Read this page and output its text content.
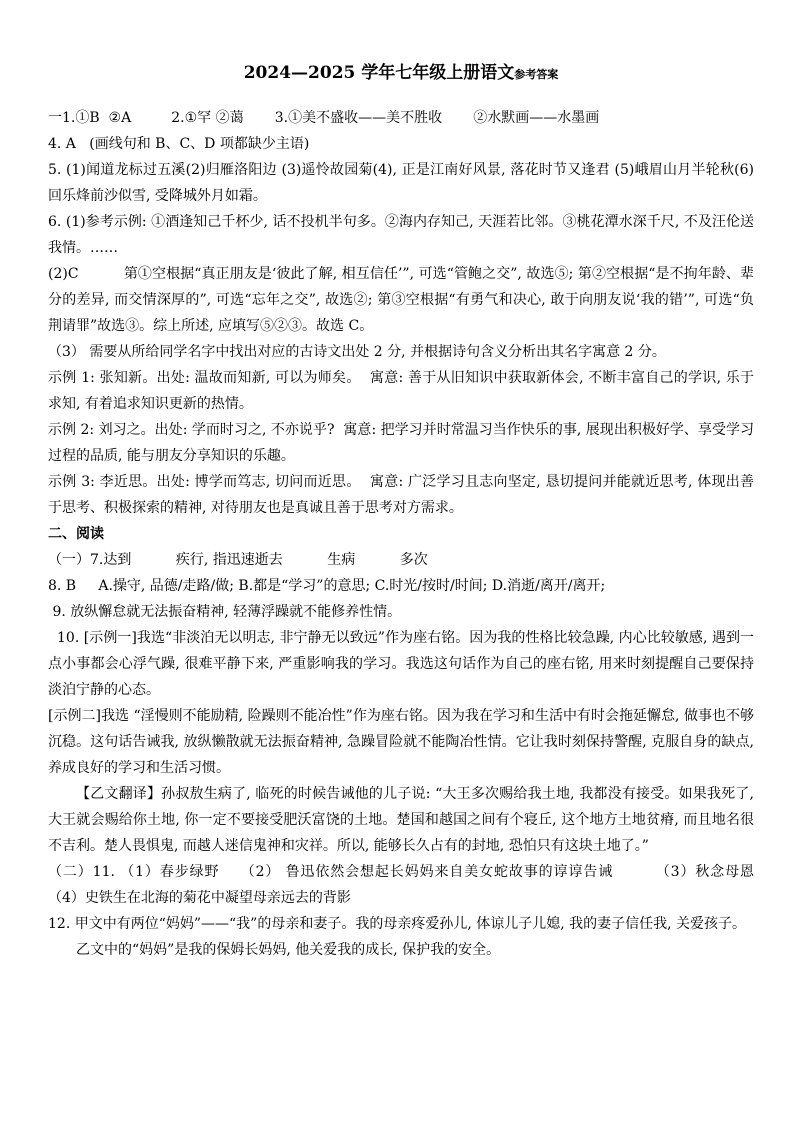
2024—2025 学年七年级上册语文参考答案

一1.①B  ②A         2.①罕 ②蔼       3.①美不盛收——美不胜收       ②水默画——水墨画

4. A   (画线句和 B、C、D 项都缺少主语)

5. (1)闻道龙标过五溪(2)归雁洛阳边 (3)遥怜故园菊(4), 正是江南好风景, 落花时节又逢君 (5)峨眉山月半轮秋(6)回乐烽前沙似雪, 受降城外月如霜。

6. (1)参考示例: ①酒逢知己千杯少, 话不投机半句多。②海内存知己, 天涯若比邻。③桃花潭水深千尺, 不及汪伦送我情。……

(2)C          第①空根据“真正朋友是‘彼此了解, 相互信任’”, 可选“管鲍之交”, 故选⑤; 第②空根据“是不拘年龄、辈分的差异, 而交情深厚的”, 可选“忘年之交”, 故选②; 第③空根据“有勇气和决心, 敢于向朋友说‘我的错’”, 可选“负荆请罪”故选③。综上所述, 应填写⑤②③。故选 C。

（3） 需要从所给同学名字中找出对应的古诗文出处 2 分, 并根据诗句含义分析出其名字寓意 2 分。

示例 1: 张知新。出处: 温故而知新, 可以为师矣。  寓意: 善于从旧知识中获取新体会, 不断丰富自己的学识, 乐于求知, 有着追求知识更新的热情。

示例 2: 刘习之。出处: 学而时习之, 不亦说乎?  寓意: 把学习并时常温习当作快乐的事, 展现出积极好学、享受学习过程的品质, 能与朋友分享知识的乐趣。

示例 3: 李近思。出处: 博学而笃志, 切问而近思。  寓意: 广泛学习且志向坚定, 恳切提问并能就近思考, 体现出善于思考、积极探索的精神, 对待朋友也是真诚且善于思考对方需求。

二、阅读

（一）7.达到          疾行, 指迅速逝去          生病          多次

8. B     A.操守, 品德/走路/做; B.都是“学习”的意思; C.时光/按时/时间; D.消逝/离开/离开;

9. 放纵懈怠就无法振奋精神, 轻薄浮躁就不能修养性情。

10. [示例一]我选“非淡泊无以明志, 非宁静无以致远”作为座右铭。因为我的性格比较急躁, 内心比较敏感, 遇到一点小事都会心浮气躁, 很难平静下来, 严重影响我的学习。我选这句话作为自己的座右铭, 用来时刻提醒自己要保持淡泊宁静的心态。

[示例二]我选 “淫慢则不能励精, 险躁则不能冶性”作为座右铭。因为我在学习和生活中有时会拖延懈怠, 做事也不够沉稳。这句话告诫我, 放纵懒散就无法振奋精神, 急躁冒险就不能陶冶性情。它让我时刻保持警醒, 克服自身的缺点, 养成良好的学习和生活习惯。

【乙文翻译】孙叔敖生病了, 临死的时候告诫他的儿子说: “大王多次赐给我土地, 我都没有接受。如果我死了, 大王就会赐给你土地, 你一定不要接受肥沃富饶的土地。楚国和越国之间有个寝丘, 这个地方土地贫瘠, 而且地名很不吉利。楚人畏惧鬼, 而越人迷信鬼神和灾祥。所以, 能够长久占有的封地, 恐怕只有这块土地了。”

（二）11. （1）春步绿野    （2） 鲁迅依然会想起长妈妈来自美女蛇故事的谆谆告诫        （3）秋念母恩       （4）史铁生在北海的菊花中凝望母亲远去的背影

12. 甲文中有两位“妈妈”——“我”的母亲和妻子。我的母亲疼爱孙儿, 体谅儿子儿媳, 我的妻子信任我, 关爱孩子。

乙文中的“妈妈”是我的保姆长妈妈, 他关爱我的成长, 保护我的安全。
